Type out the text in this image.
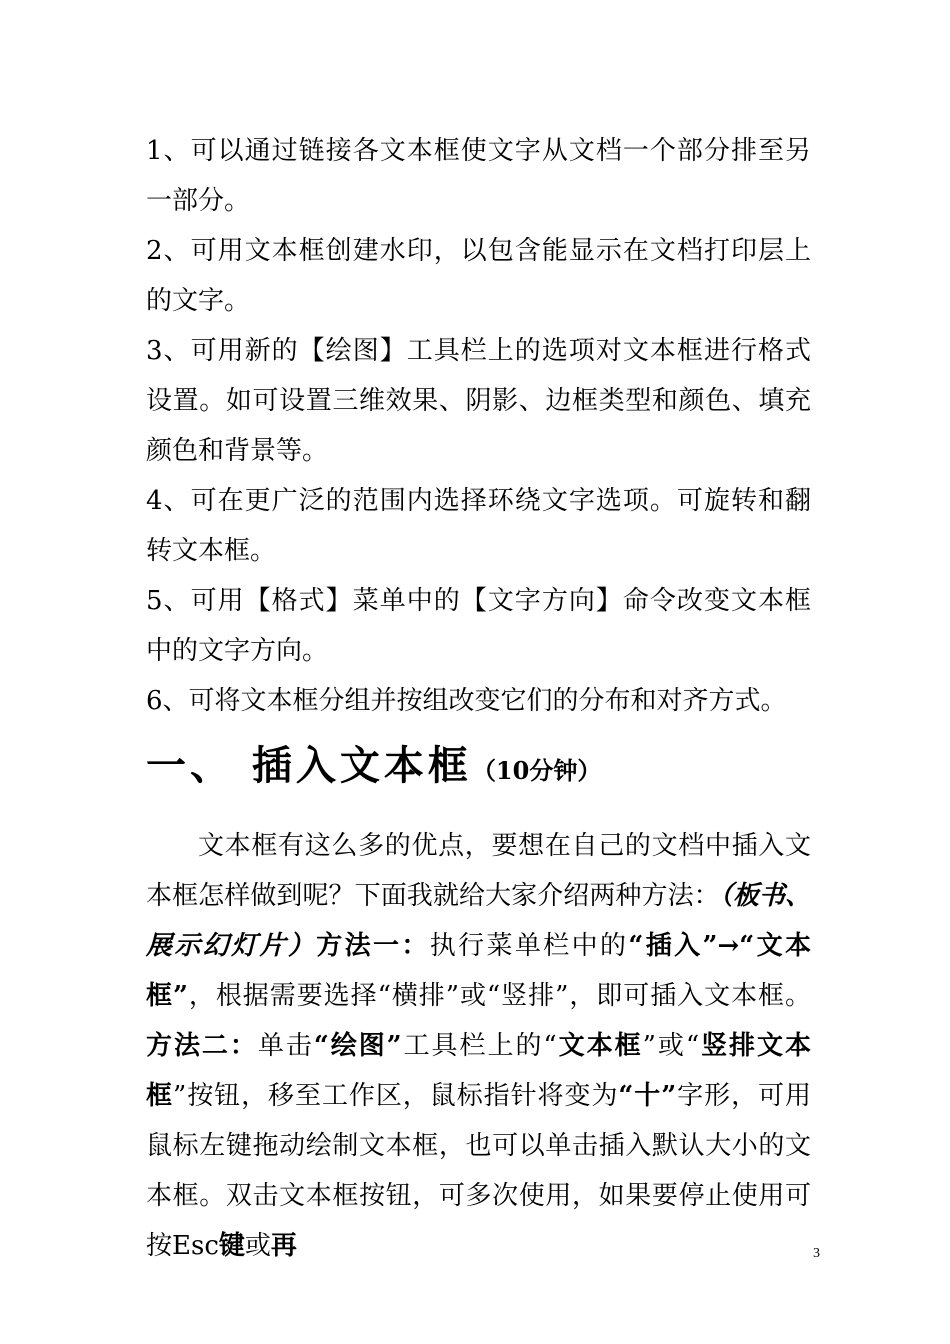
1、可以通过链接各文本框使文字从文档一个部分排至另一部分。

2、可用文本框创建水印，以包含能显示在文档打印层上的文字。

3、可用新的【绘图】工具栏上的选项对文本框进行格式设置。如可设置三维效果、阴影、边框类型和颜色、填充颜色和背景等。

4、可在更广泛的范围内选择环绕文字选项。可旋转和翻转文本框。

5、可用【格式】菜单中的【文字方向】命令改变文本框中的文字方向。

6、可将文本框分组并按组改变它们的分布和对齐方式。

一、 插入文本框（10分钟）

文本框有这么多的优点，要想在自己的文档中插入文本框怎样做到呢？下面我就给大家介绍两种方法：（板书、展示幻灯片）方法一：执行菜单栏中的“插入”→“文本框”，根据需要选择“横排”或“竖排”，即可插入文本框。方法二：单击“绘图”工具栏上的“文本框”或“竖排文本框”按钮，移至工作区，鼠标指针将变为“十”字形，可用鼠标左键拖动绘制文本框，也可以单击插入默认大小的文本框。双击文本框按钮，可多次使用，如果要停止使用可按Esc键或再	3
